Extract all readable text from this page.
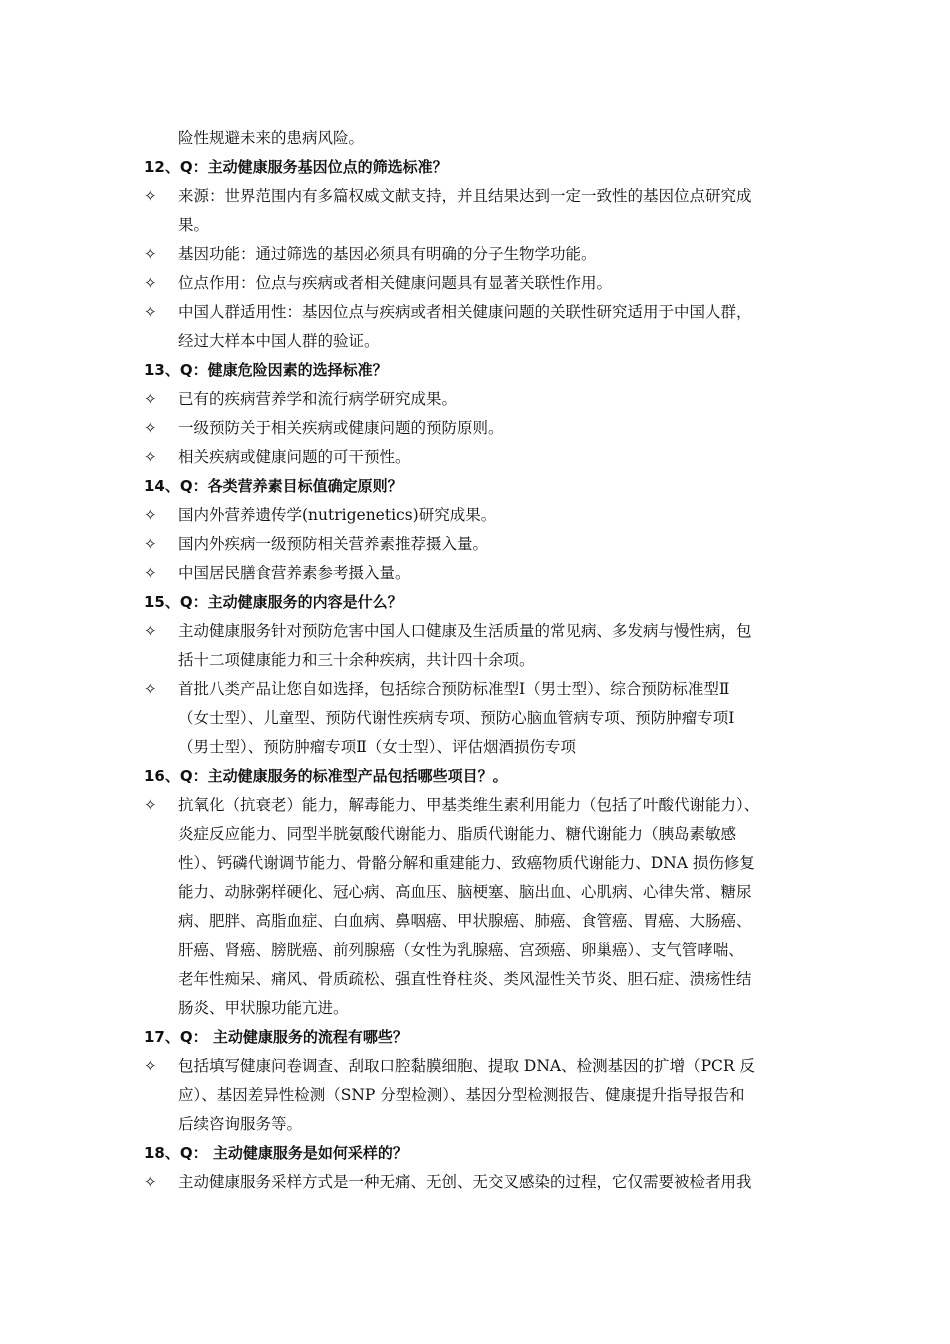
险性规避未来的患病风险。
12、Q：主动健康服务基因位点的筛选标准？
✧	来源：世界范围内有多篇权威文献支持，并且结果达到一定一致性的基因位点研究成
果。
✧	基因功能：通过筛选的基因必须具有明确的分子生物学功能。
✧	位点作用：位点与疾病或者相关健康问题具有显著关联性作用。
✧	中国人群适用性：基因位点与疾病或者相关健康问题的关联性研究适用于中国人群，
经过大样本中国人群的验证。
13、Q：健康危险因素的选择标准？
✧	已有的疾病营养学和流行病学研究成果。
✧	一级预防关于相关疾病或健康问题的预防原则。
✧	相关疾病或健康问题的可干预性。
14、Q：各类营养素目标值确定原则？
✧	国内外营养遗传学(nutrigenetics)研究成果。
✧	国内外疾病一级预防相关营养素推荐摄入量。
✧	中国居民膳食营养素参考摄入量。
15、Q：主动健康服务的内容是什么？
✧	主动健康服务针对预防危害中国人口健康及生活质量的常见病、多发病与慢性病，包
括十二项健康能力和三十余种疾病，共计四十余项。
✧	首批八类产品让您自如选择，包括综合预防标准型Ⅰ（男士型）、综合预防标准型Ⅱ
（女士型）、儿童型、预防代谢性疾病专项、预防心脑血管病专项、预防肿瘤专项Ⅰ
（男士型）、预防肿瘤专项Ⅱ（女士型）、评估烟酒损伤专项
16、Q：主动健康服务的标准型产品包括哪些项目？。
✧	抗氧化（抗衰老）能力，解毒能力、甲基类维生素利用能力（包括了叶酸代谢能力）、
炎症反应能力、同型半胱氨酸代谢能力、脂质代谢能力、糖代谢能力（胰岛素敏感
性）、钙磷代谢调节能力、骨骼分解和重建能力、致癌物质代谢能力、DNA 损伤修复
能力、动脉粥样硬化、冠心病、高血压、脑梗塞、脑出血、心肌病、心律失常、糖尿
病、肥胖、高脂血症、白血病、鼻咽癌、甲状腺癌、肺癌、食管癌、胃癌、大肠癌、
肝癌、肾癌、膀胱癌、前列腺癌（女性为乳腺癌、宫颈癌、卵巢癌）、支气管哮喘、
老年性痴呆、痛风、骨质疏松、强直性脊柱炎、类风湿性关节炎、胆石症、溃疡性结
肠炎、甲状腺功能亢进。
17、Q： 主动健康服务的流程有哪些？
✧	包括填写健康问卷调查、刮取口腔黏膜细胞、提取 DNA、检测基因的扩增（PCR 反
应）、基因差异性检测（SNP 分型检测）、基因分型检测报告、健康提升指导报告和
后续咨询服务等。
18、Q： 主动健康服务是如何采样的？
✧	主动健康服务采样方式是一种无痛、无创、无交叉感染的过程，它仅需要被检者用我
